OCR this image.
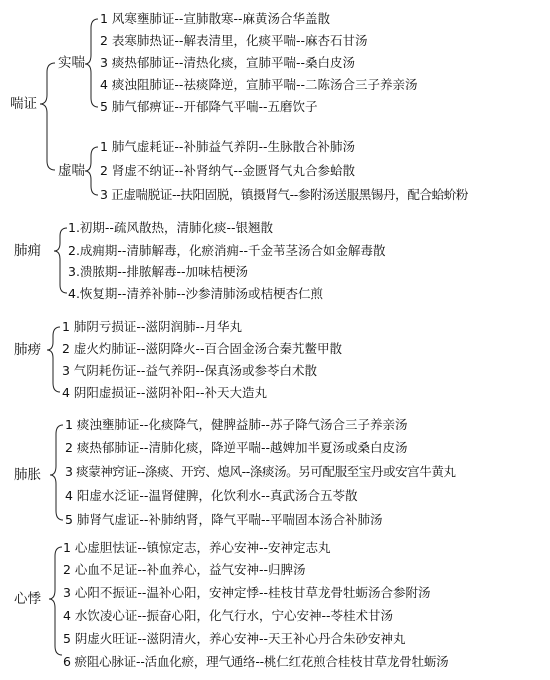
喘证
实喘
1 风寒壅肺证--宣肺散寒--麻黄汤合华盖散
2 表寒肺热证--解表清里，化痰平喘--麻杏石甘汤
3 痰热郁肺证--清热化痰，宣肺平喘--桑白皮汤
4 痰浊阻肺证--祛痰降逆，宣肺平喘--二陈汤合三子养亲汤
5 肺气郁痹证--开郁降气平喘--五磨饮子
虚喘
1 肺气虚耗证--补肺益气养阴--生脉散合补肺汤
2 肾虚不纳证--补肾纳气--金匮肾气丸合参蛤散
3 正虚喘脱证--扶阳固脱，镇摄肾气--参附汤送服黑锡丹，配合蛤蚧粉
肺痈
1.初期--疏风散热，清肺化痰--银翘散
2.成痈期--清肺解毒，化瘀消痈--千金苇茎汤合如金解毒散
3.溃脓期--排脓解毒--加味桔梗汤
4.恢复期--清养补肺--沙参清肺汤或桔梗杏仁煎
肺痨
1 肺阴亏损证--滋阴润肺--月华丸
2 虚火灼肺证--滋阴降火--百合固金汤合秦艽鳖甲散
3 气阴耗伤证--益气养阴--保真汤或参苓白术散
4 阴阳虚损证--滋阴补阳--补天大造丸
肺胀
1 痰浊壅肺证--化痰降气，健脾益肺--苏子降气汤合三子养亲汤
2 痰热郁肺证--清肺化痰，降逆平喘--越婢加半夏汤或桑白皮汤
3 痰蒙神窍证--涤痰、开窍、熄风--涤痰汤。另可配服至宝丹或安宫牛黄丸
4 阳虚水泛证--温肾健脾，化饮利水--真武汤合五苓散
5 肺肾气虚证--补肺纳肾，降气平喘--平喘固本汤合补肺汤
心悸
1 心虚胆怯证--镇惊定志，养心安神--安神定志丸
2 心血不足证--补血养心，益气安神--归脾汤
3 心阳不振证--温补心阳，安神定悸--桂枝甘草龙骨牡蛎汤合参附汤
4 水饮凌心证--振奋心阳，化气行水，宁心安神--苓桂术甘汤
5 阴虚火旺证--滋阴清火，养心安神--天王补心丹合朱砂安神丸
6 瘀阻心脉证--活血化瘀，理气通络--桃仁红花煎合桂枝甘草龙骨牡蛎汤
